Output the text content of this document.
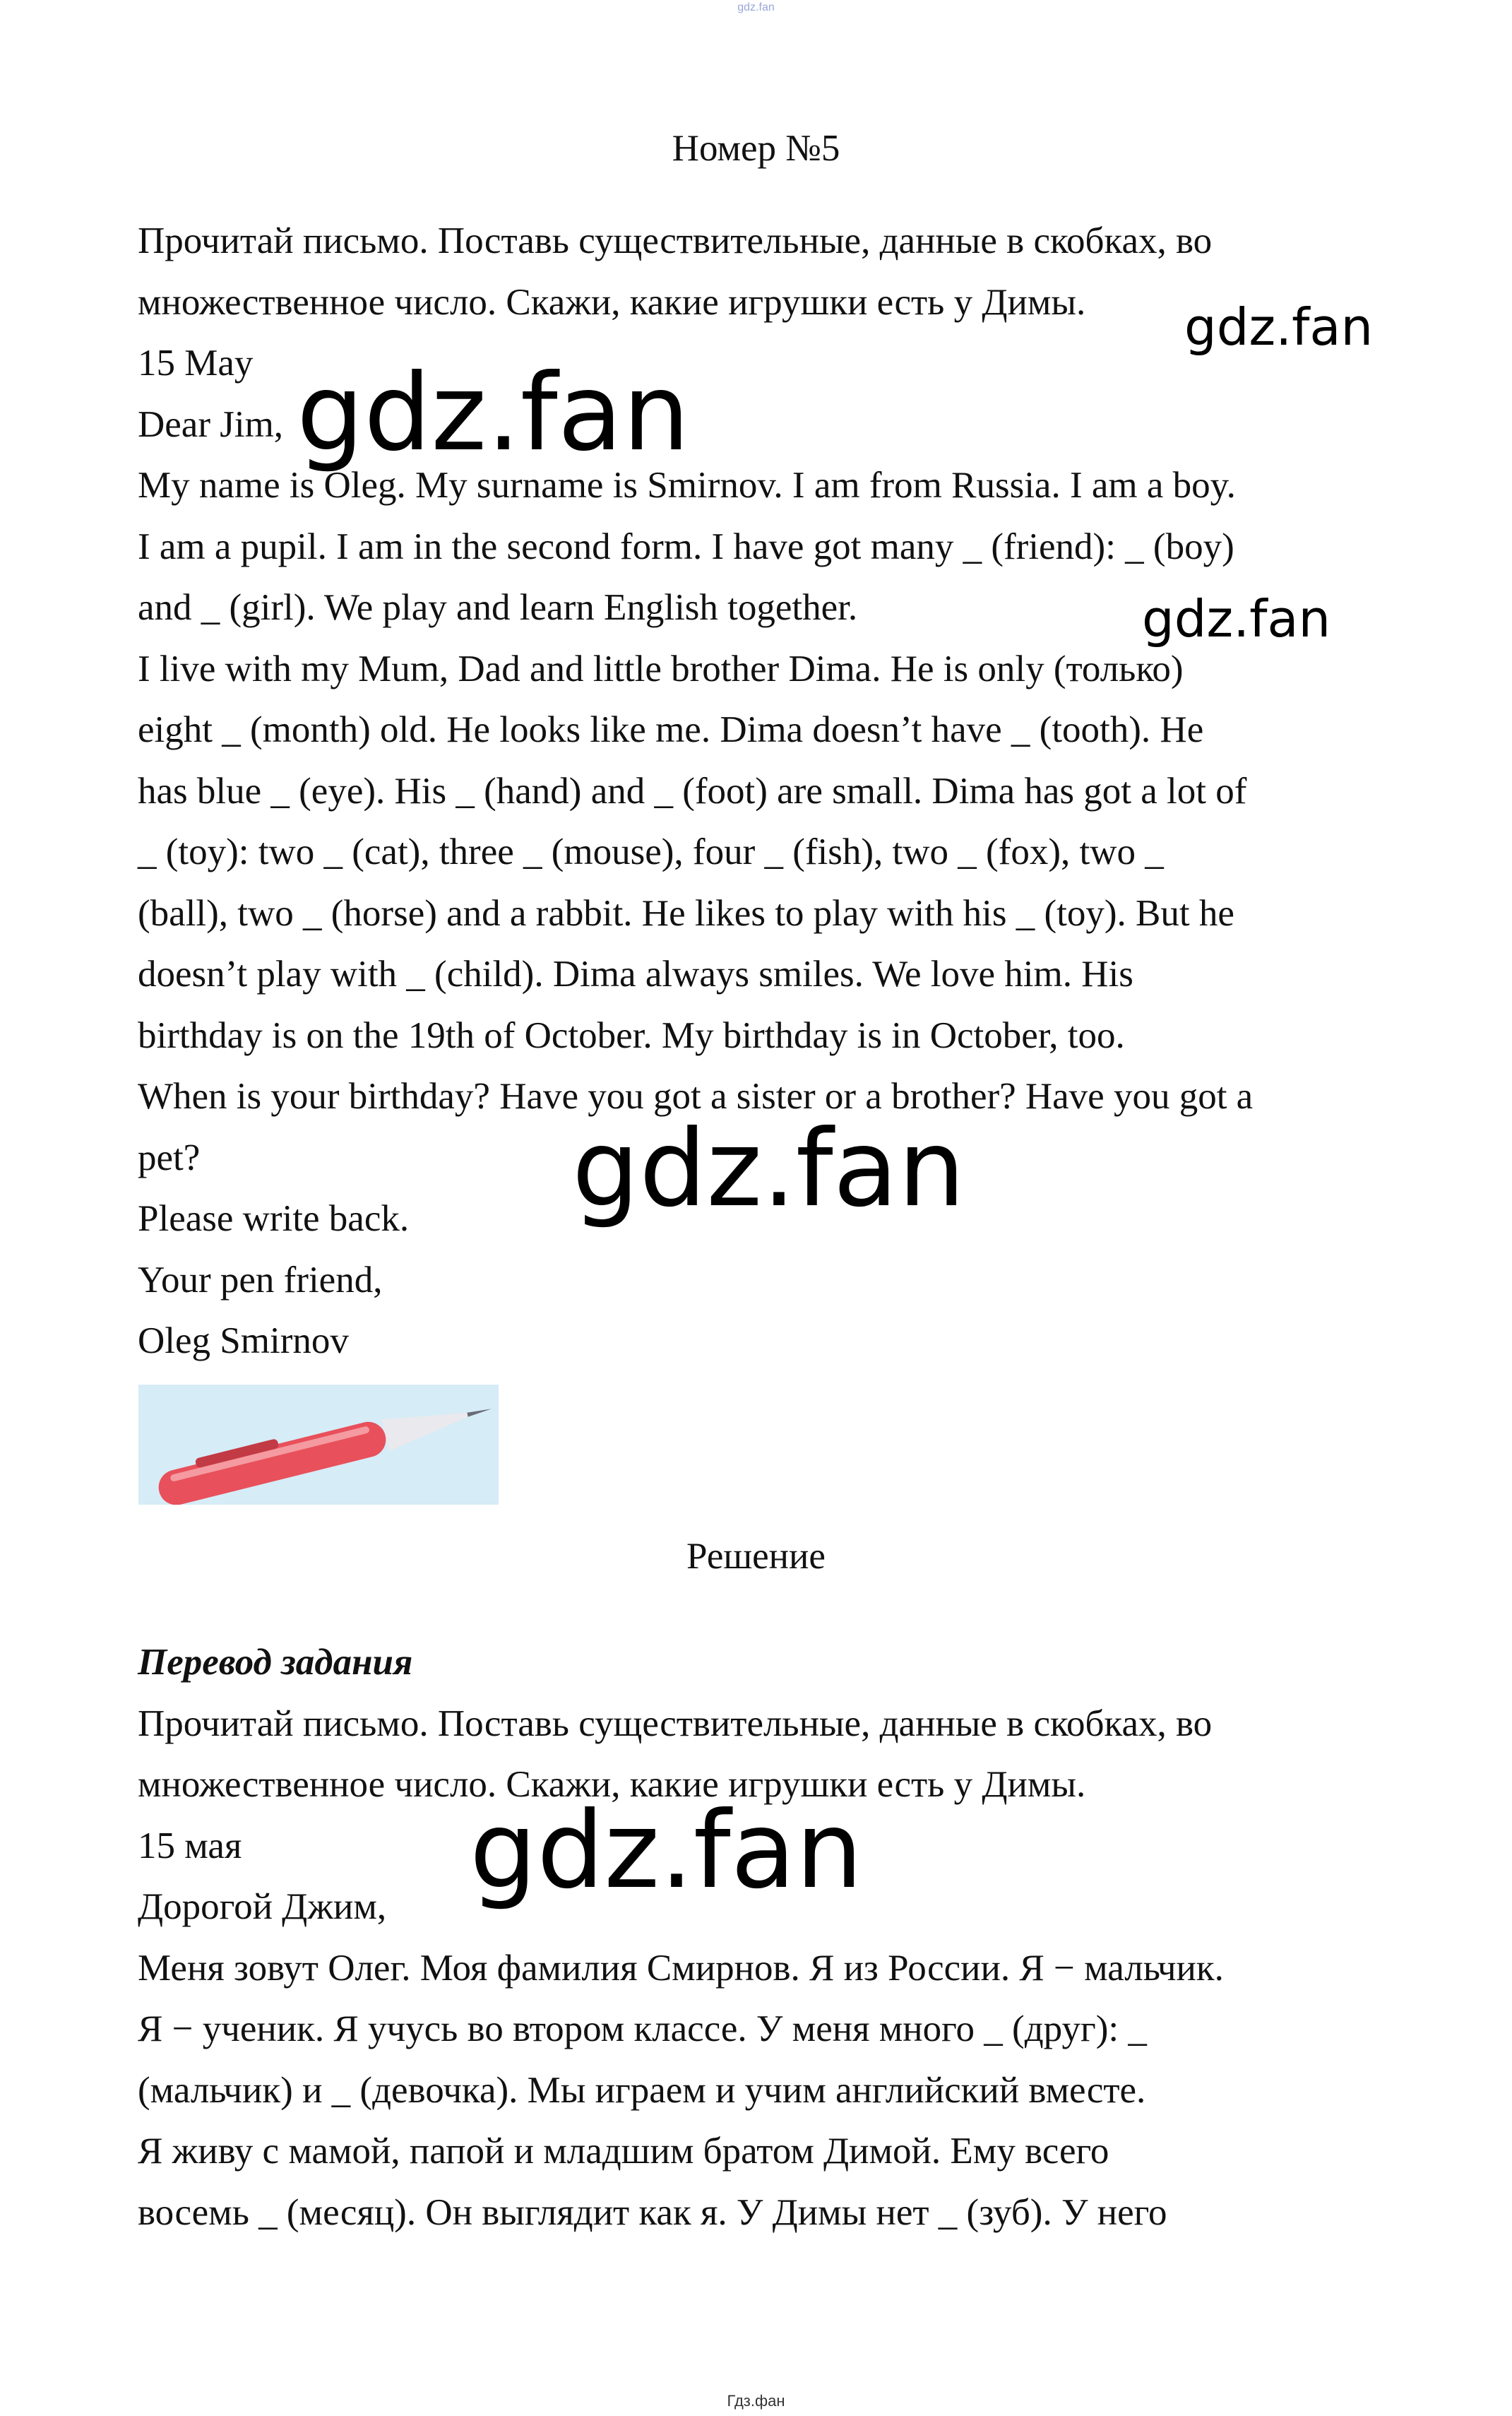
gdz.fan
Номер №5
Прочитай письмо. Поставь существительные, данные в скобках, во
множественное число. Скажи, какие игрушки есть у Димы.
15 May
Dear Jim,
My name is Oleg. My surname is Smirnov. I am from Russia. I am a boy.
I am a pupil. I am in the second form. I have got many _ (friend): _ (boy)
and _ (girl). We play and learn English together.
I live with my Mum, Dad and little brother Dima. He is only (только)
eight _ (month) old. He looks like me. Dima doesn’t have _ (tooth). He
has blue _ (eye). His _ (hand) and _ (foot) are small. Dima has got a lot of
_ (toy): two _ (cat), three _ (mouse), four _ (fish), two _ (fox), two _
(ball), two _ (horse) and a rabbit. He likes to play with his _ (toy). But he
doesn’t play with _ (child). Dima always smiles. We love him. His
birthday is on the 19th of October. My birthday is in October, too.
When is your birthday? Have you got a sister or a brother? Have you got a
pet?
Please write back.
Your pen friend,
Oleg Smirnov
Решение
Перевод задания
Прочитай письмо. Поставь существительные, данные в скобках, во
множественное число. Скажи, какие игрушки есть у Димы.
15 мая
Дорогой Джим,
Меня зовут Олег. Моя фамилия Смирнов. Я из России. Я − мальчик.
Я − ученик. Я учусь во втором классе. У меня много _ (друг): _
(мальчик) и _ (девочка). Мы играем и учим английский вместе.
Я живу с мамой, папой и младшим братом Димой. Ему всего
восемь _ (месяц). Он выглядит как я. У Димы нет _ (зуб). У него
gdz.fan
gdz.fan
gdz.fan
gdz.fan
gdz.fan
Гдз.фан
